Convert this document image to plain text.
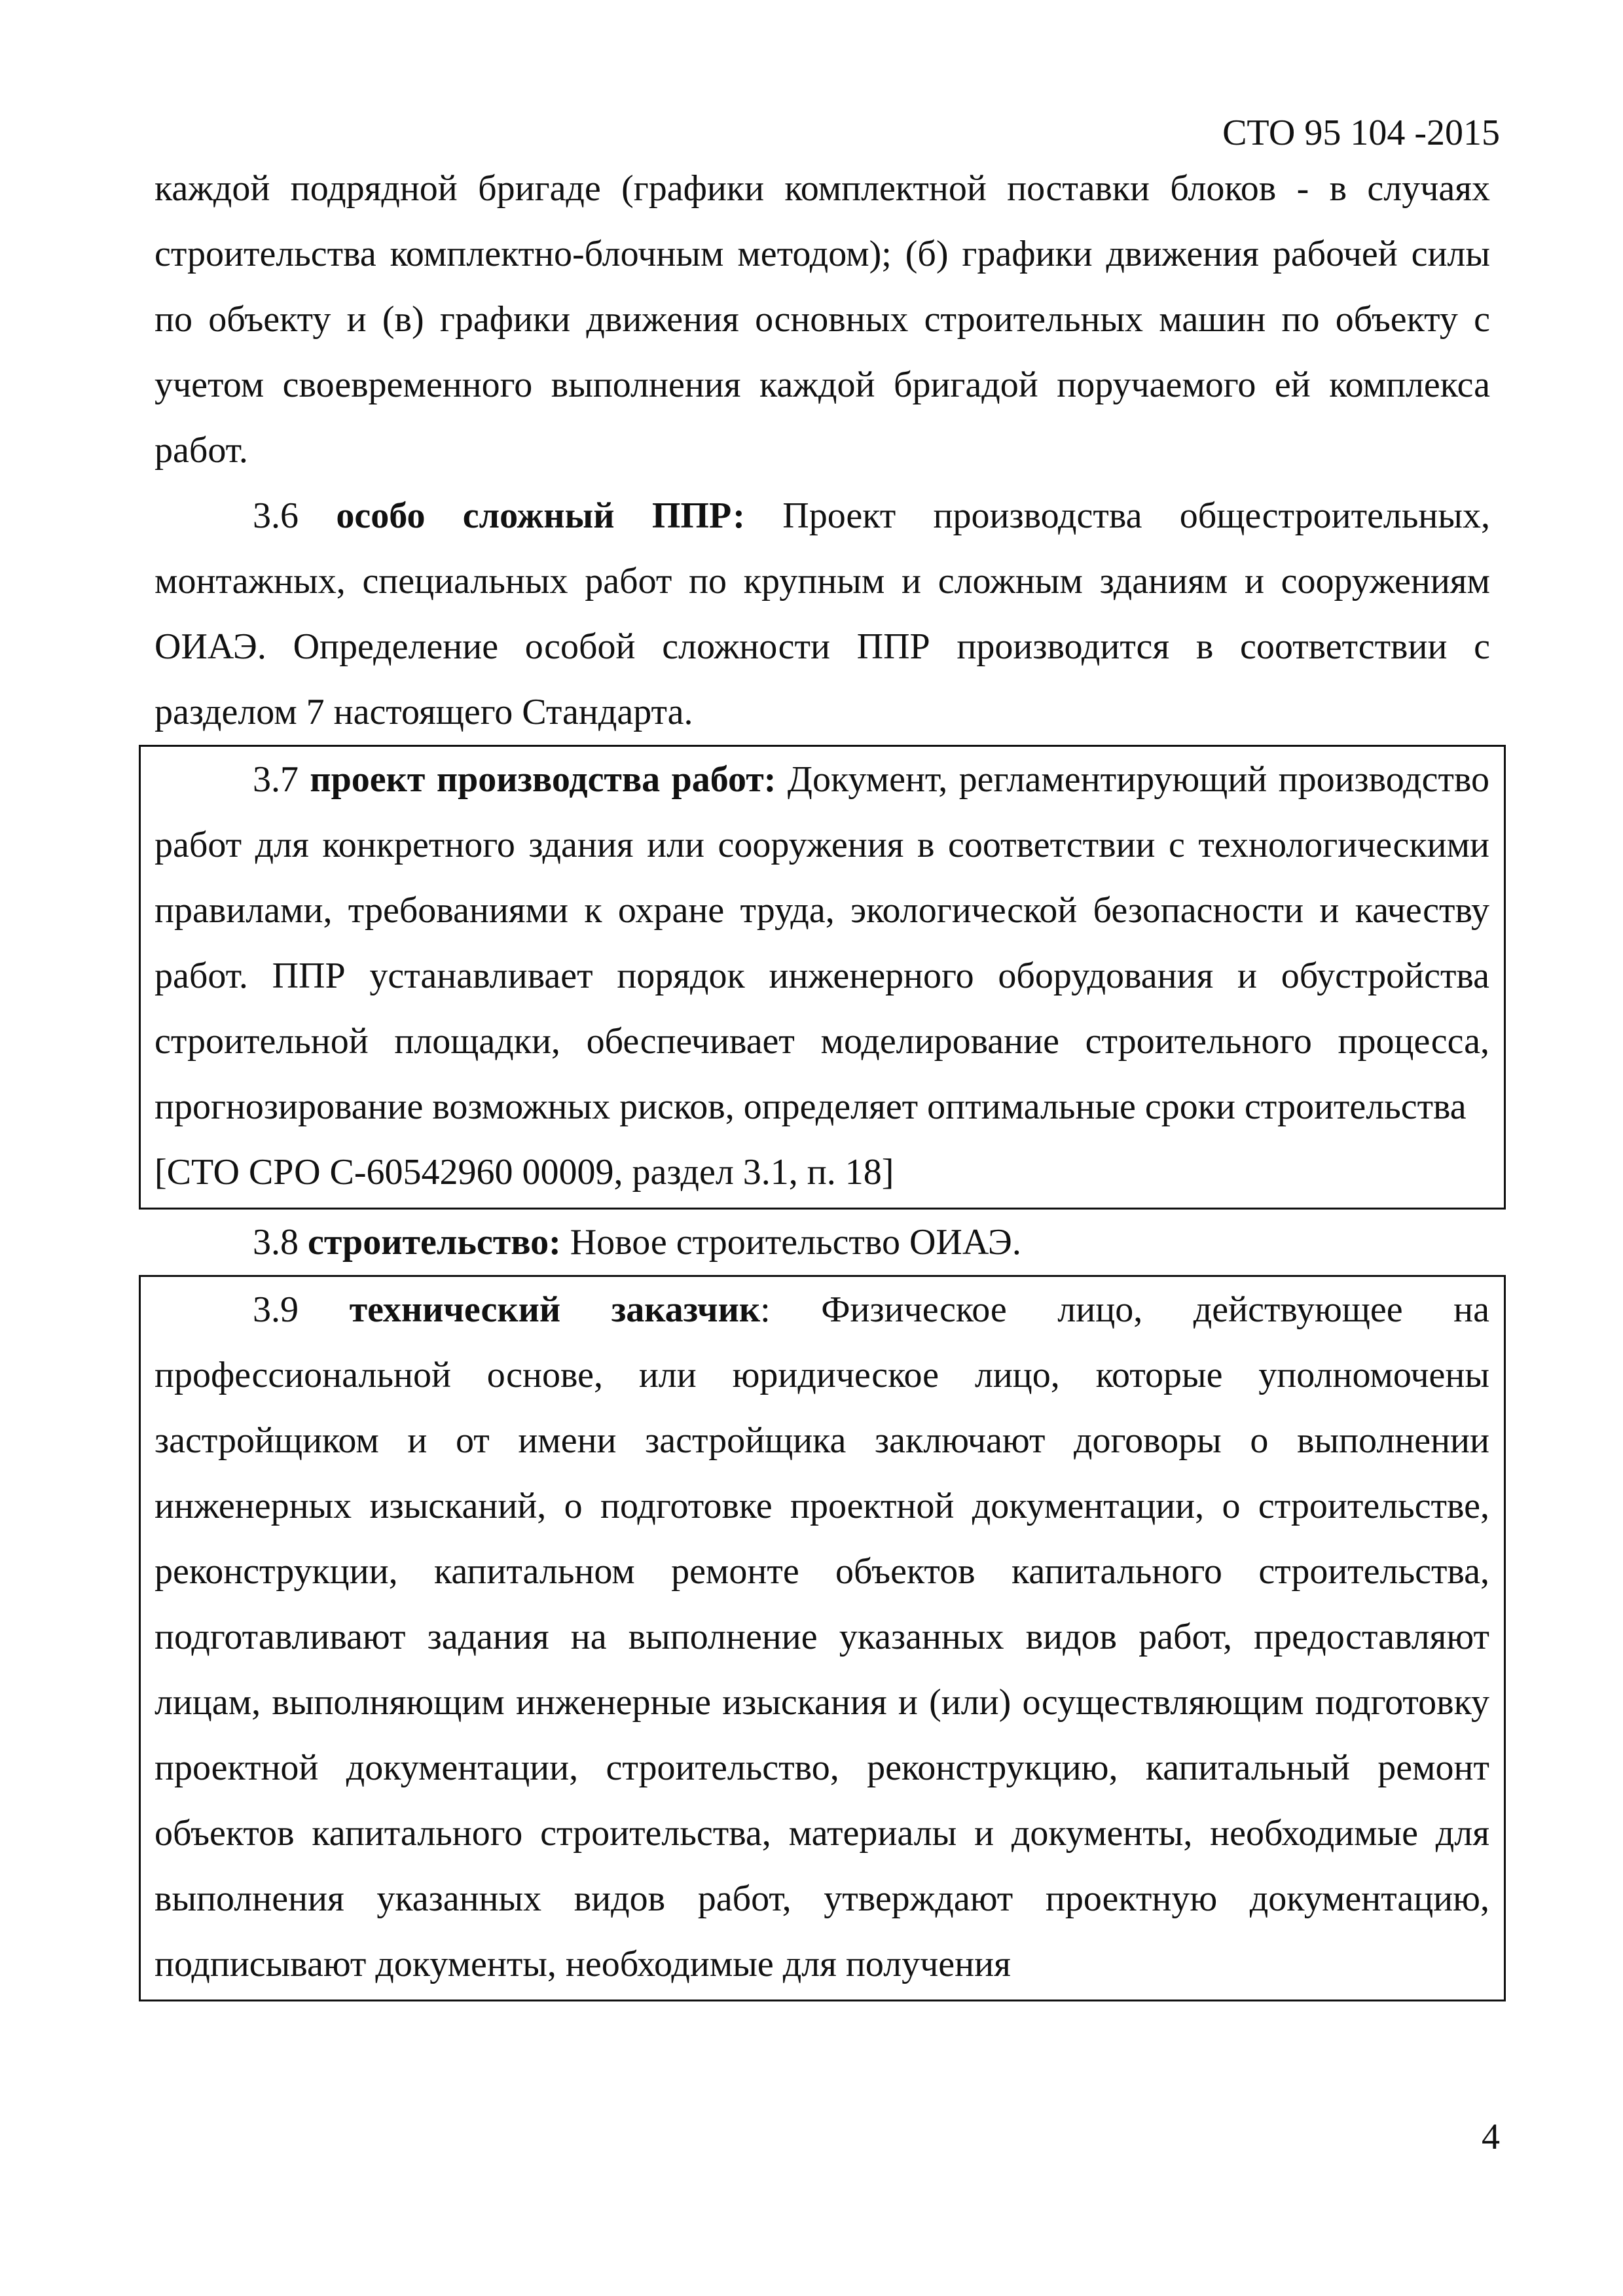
СТО 95 104 -2015

каждой подрядной бригаде (графики комплектной поставки блоков - в случаях строительства комплектно-блочным методом); (б) графики движения рабочей силы по объекту и (в) графики движения основных строительных машин по объекту с учетом своевременного выполнения каждой бригадой поручаемого ей комплекса работ.

3.6 особо сложный ППР: Проект производства общестроительных, монтажных, специальных работ по крупным и сложным зданиям и сооружениям ОИАЭ. Определение особой сложности ППР производится в соответствии с разделом 7 настоящего Стандарта.

3.7 проект производства работ: Документ, регламентирующий производство работ для конкретного здания или сооружения в соответствии с технологическими правилами, требованиями к охране труда, экологической безопасности и качеству работ. ППР устанавливает порядок инженерного оборудования и обустройства строительной площадки, обеспечивает моделирование строительного процесса, прогнозирование возможных рисков, определяет оптимальные сроки строительства

[СТО СРО С-60542960 00009, раздел 3.1, п. 18]

3.8 строительство: Новое строительство ОИАЭ.

3.9 технический заказчик: Физическое лицо, действующее на профессиональной основе, или юридическое лицо, которые уполномочены застройщиком и от имени застройщика заключают договоры о выполнении инженерных изысканий, о подготовке проектной документации, о строительстве, реконструкции, капитальном ремонте объектов капитального строительства, подготавливают задания на выполнение указанных видов работ, предоставляют лицам, выполняющим инженерные изыскания и (или) осуществляющим подготовку проектной документации, строительство, реконструкцию, капитальный ремонт объектов капитального строительства, материалы и документы, необходимые для выполнения указанных видов работ, утверждают проектную документацию, подписывают документы, необходимые для получения

4
